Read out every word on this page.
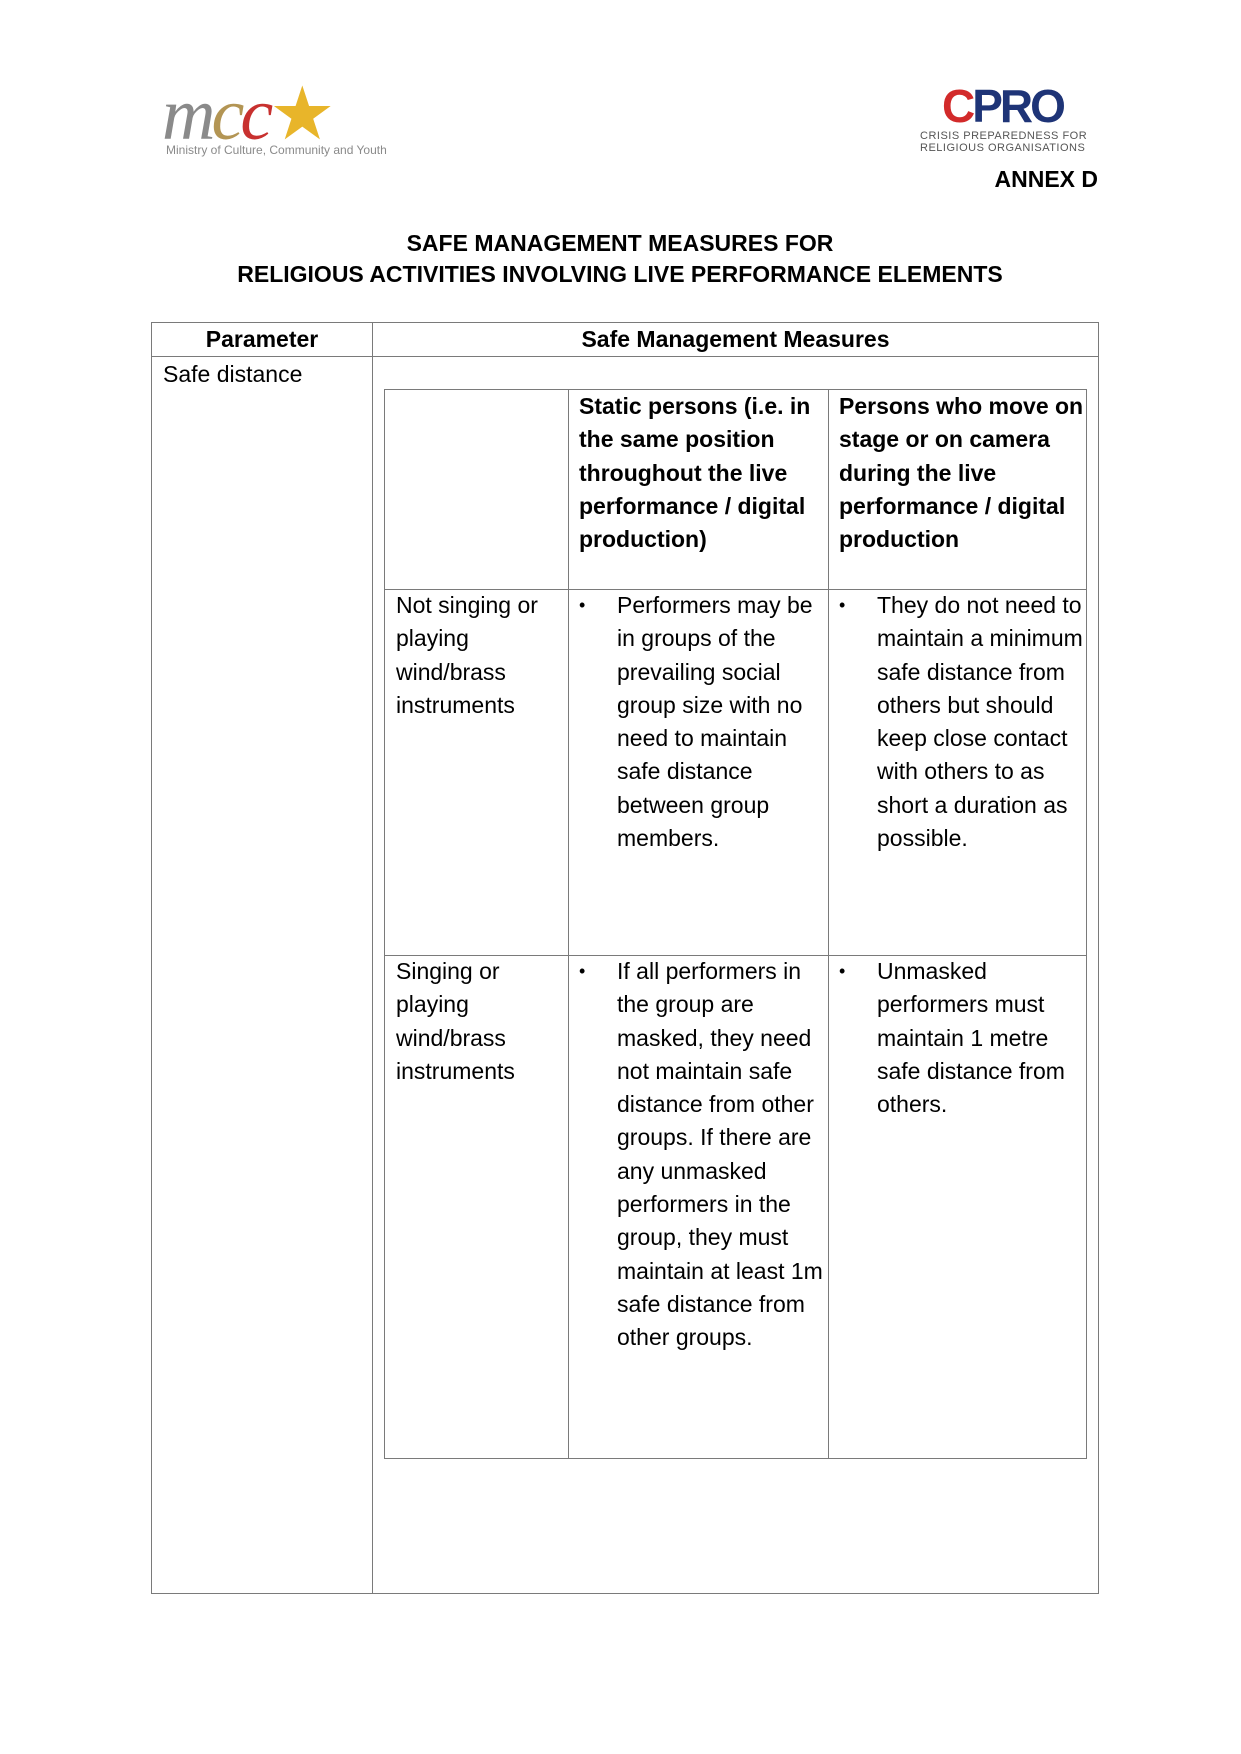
mcc★
Ministry of Culture, Community and Youth
CPRO
CRISIS PREPAREDNESS FOR
RELIGIOUS ORGANISATIONS
ANNEX D
SAFE MANAGEMENT MEASURES FOR
RELIGIOUS ACTIVITIES INVOLVING LIVE PERFORMANCE ELEMENTS
Parameter	Safe Management Measures
Safe distance
Static persons (i.e. in the same position throughout the live performance / digital production)
Persons who move on stage or on camera during the live performance / digital production
Not singing or playing wind/brass instruments
• Performers may be in groups of the prevailing social group size with no need to maintain safe distance between group members.
• They do not need to maintain a minimum safe distance from others but should keep close contact with others to as short a duration as possible.
Singing or playing wind/brass instruments
• If all performers in the group are masked, they need not maintain safe distance from other groups. If there are any unmasked performers in the group, they must maintain at least 1m safe distance from other groups.
• Unmasked performers must maintain 1 metre safe distance from others.
